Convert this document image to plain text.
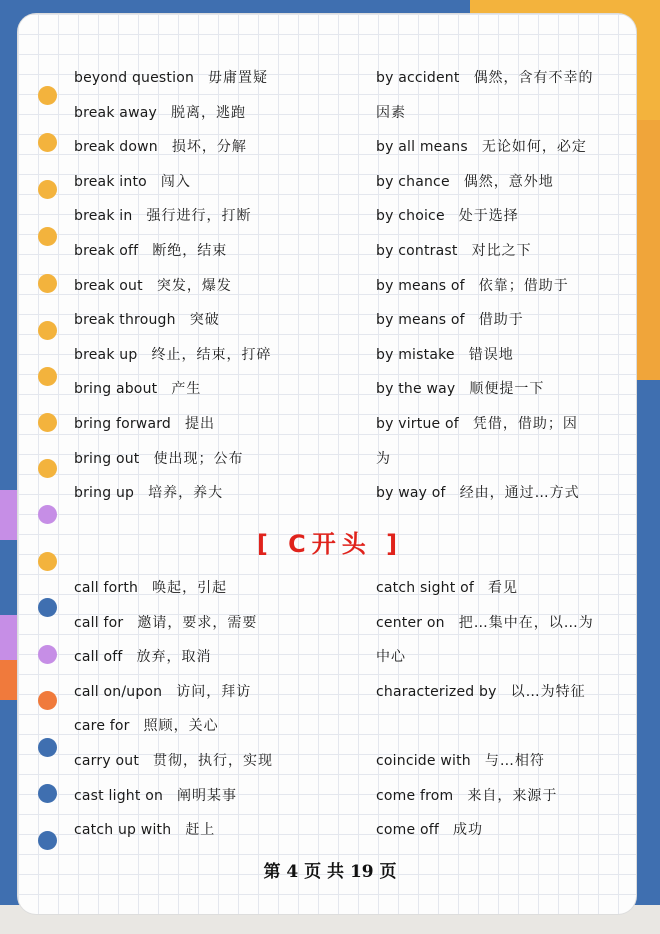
beyond question 毋庸置疑
break away 脱离，逃跑
break down 损坏，分解
break into 闯入
break in 强行进行，打断
break off 断绝，结束
break out 突发，爆发
break through 突破
break up 终止，结束，打碎
bring about 产生
bring forward 提出
bring out 使出现；公布
bring up 培养，养大
by accident 偶然，含有不幸的
因素
by all means 无论如何，必定
by chance 偶然，意外地
by choice 处于选择
by contrast 对比之下
by means of 依靠；借助于
by means of 借助于
by mistake 错误地
by the way 顺便提一下
by virtue of 凭借，借助；因
为
by way of 经由，通过…方式
[ C开头 ]
call forth 唤起，引起
call for 邀请，要求，需要
call off 放弃，取消
call on/upon 访问，拜访
care for 照顾，关心
carry out 贯彻，执行，实现
cast light on 阐明某事
catch up with 赶上
catch sight of 看见
center on 把…集中在，以…为
中心
characterized by 以…为特征
coincide with 与…相符
come from 来自，来源于
come off 成功
第 4 页 共 19 页
